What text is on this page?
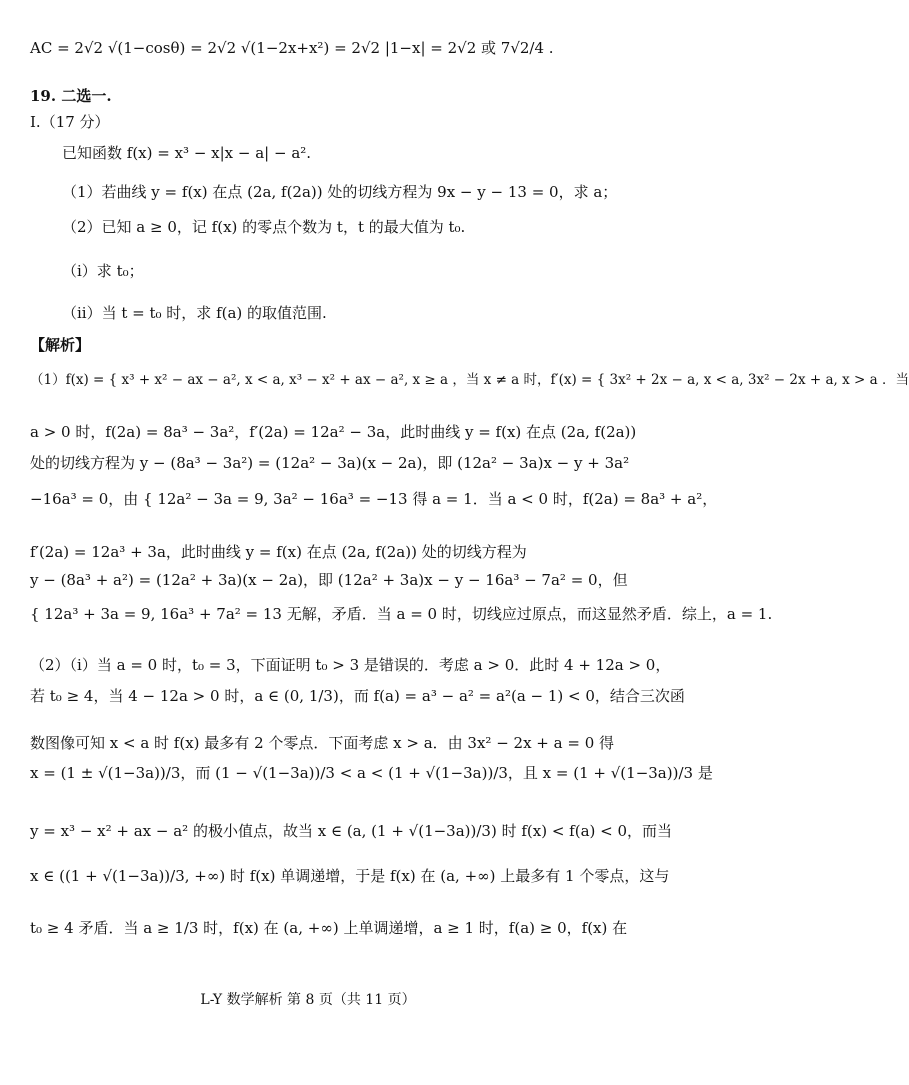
AC = 2√2 √(1−cosθ) = 2√2 √(1−2x+x²) = 2√2 |1−x| = 2√2 或 7√2/4 .
19. 二选一.
I.（17 分）
已知函数 f(x) = x³ − x|x − a| − a².
（1）若曲线 y = f(x) 在点 (2a, f(2a)) 处的切线方程为 9x − y − 13 = 0，求 a；
（2）已知 a ≥ 0，记 f(x) 的零点个数为 t，t 的最大值为 t₀.
（i）求 t₀；
（ii）当 t = t₀ 时，求 f(a) 的取值范围.
【解析】
（1）f(x) = { x³ + x² − ax − a², x < a, x³ − x² + ax − a², x ≥ a ，当 x ≠ a 时，f′(x) = { 3x² + 2x − a, x < a, 3x² − 2x + a, x > a ．当
a > 0 时，f(2a) = 8a³ − 3a²，f′(2a) = 12a² − 3a，此时曲线 y = f(x) 在点 (2a, f(2a))
处的切线方程为 y − (8a³ − 3a²) = (12a² − 3a)(x − 2a)，即 (12a² − 3a)x − y + 3a²
−16a³ = 0，由 { 12a² − 3a = 9, 3a² − 16a³ = −13 得 a = 1．当 a < 0 时，f(2a) = 8a³ + a²，
f′(2a) = 12a³ + 3a，此时曲线 y = f(x) 在点 (2a, f(2a)) 处的切线方程为
y − (8a³ + a²) = (12a² + 3a)(x − 2a)，即 (12a² + 3a)x − y − 16a³ − 7a² = 0，但
{ 12a³ + 3a = 9, 16a³ + 7a² = 13 无解，矛盾．当 a = 0 时，切线应过原点，而这显然矛盾．综上，a = 1.
（2）（i）当 a = 0 时，t₀ = 3，下面证明 t₀ > 3 是错误的．考虑 a > 0．此时 4 + 12a > 0，
若 t₀ ≥ 4，当 4 − 12a > 0 时，a ∈ (0, 1/3)，而 f(a) = a³ − a² = a²(a − 1) < 0，结合三次函
数图像可知 x < a 时 f(x) 最多有 2 个零点．下面考虑 x > a．由 3x² − 2x + a = 0 得
x = (1 ± √(1−3a))/3，而 (1 − √(1−3a))/3 < a < (1 + √(1−3a))/3，且 x = (1 + √(1−3a))/3 是
y = x³ − x² + ax − a² 的极小值点，故当 x ∈ (a, (1 + √(1−3a))/3) 时 f(x) < f(a) < 0，而当
x ∈ ((1 + √(1−3a))/3, +∞) 时 f(x) 单调递增，于是 f(x) 在 (a, +∞) 上最多有 1 个零点，这与
t₀ ≥ 4 矛盾．当 a ≥ 1/3 时，f(x) 在 (a, +∞) 上单调递增，a ≥ 1 时，f(a) ≥ 0，f(x) 在
L-Y 数学解析 第 8 页（共 11 页）
